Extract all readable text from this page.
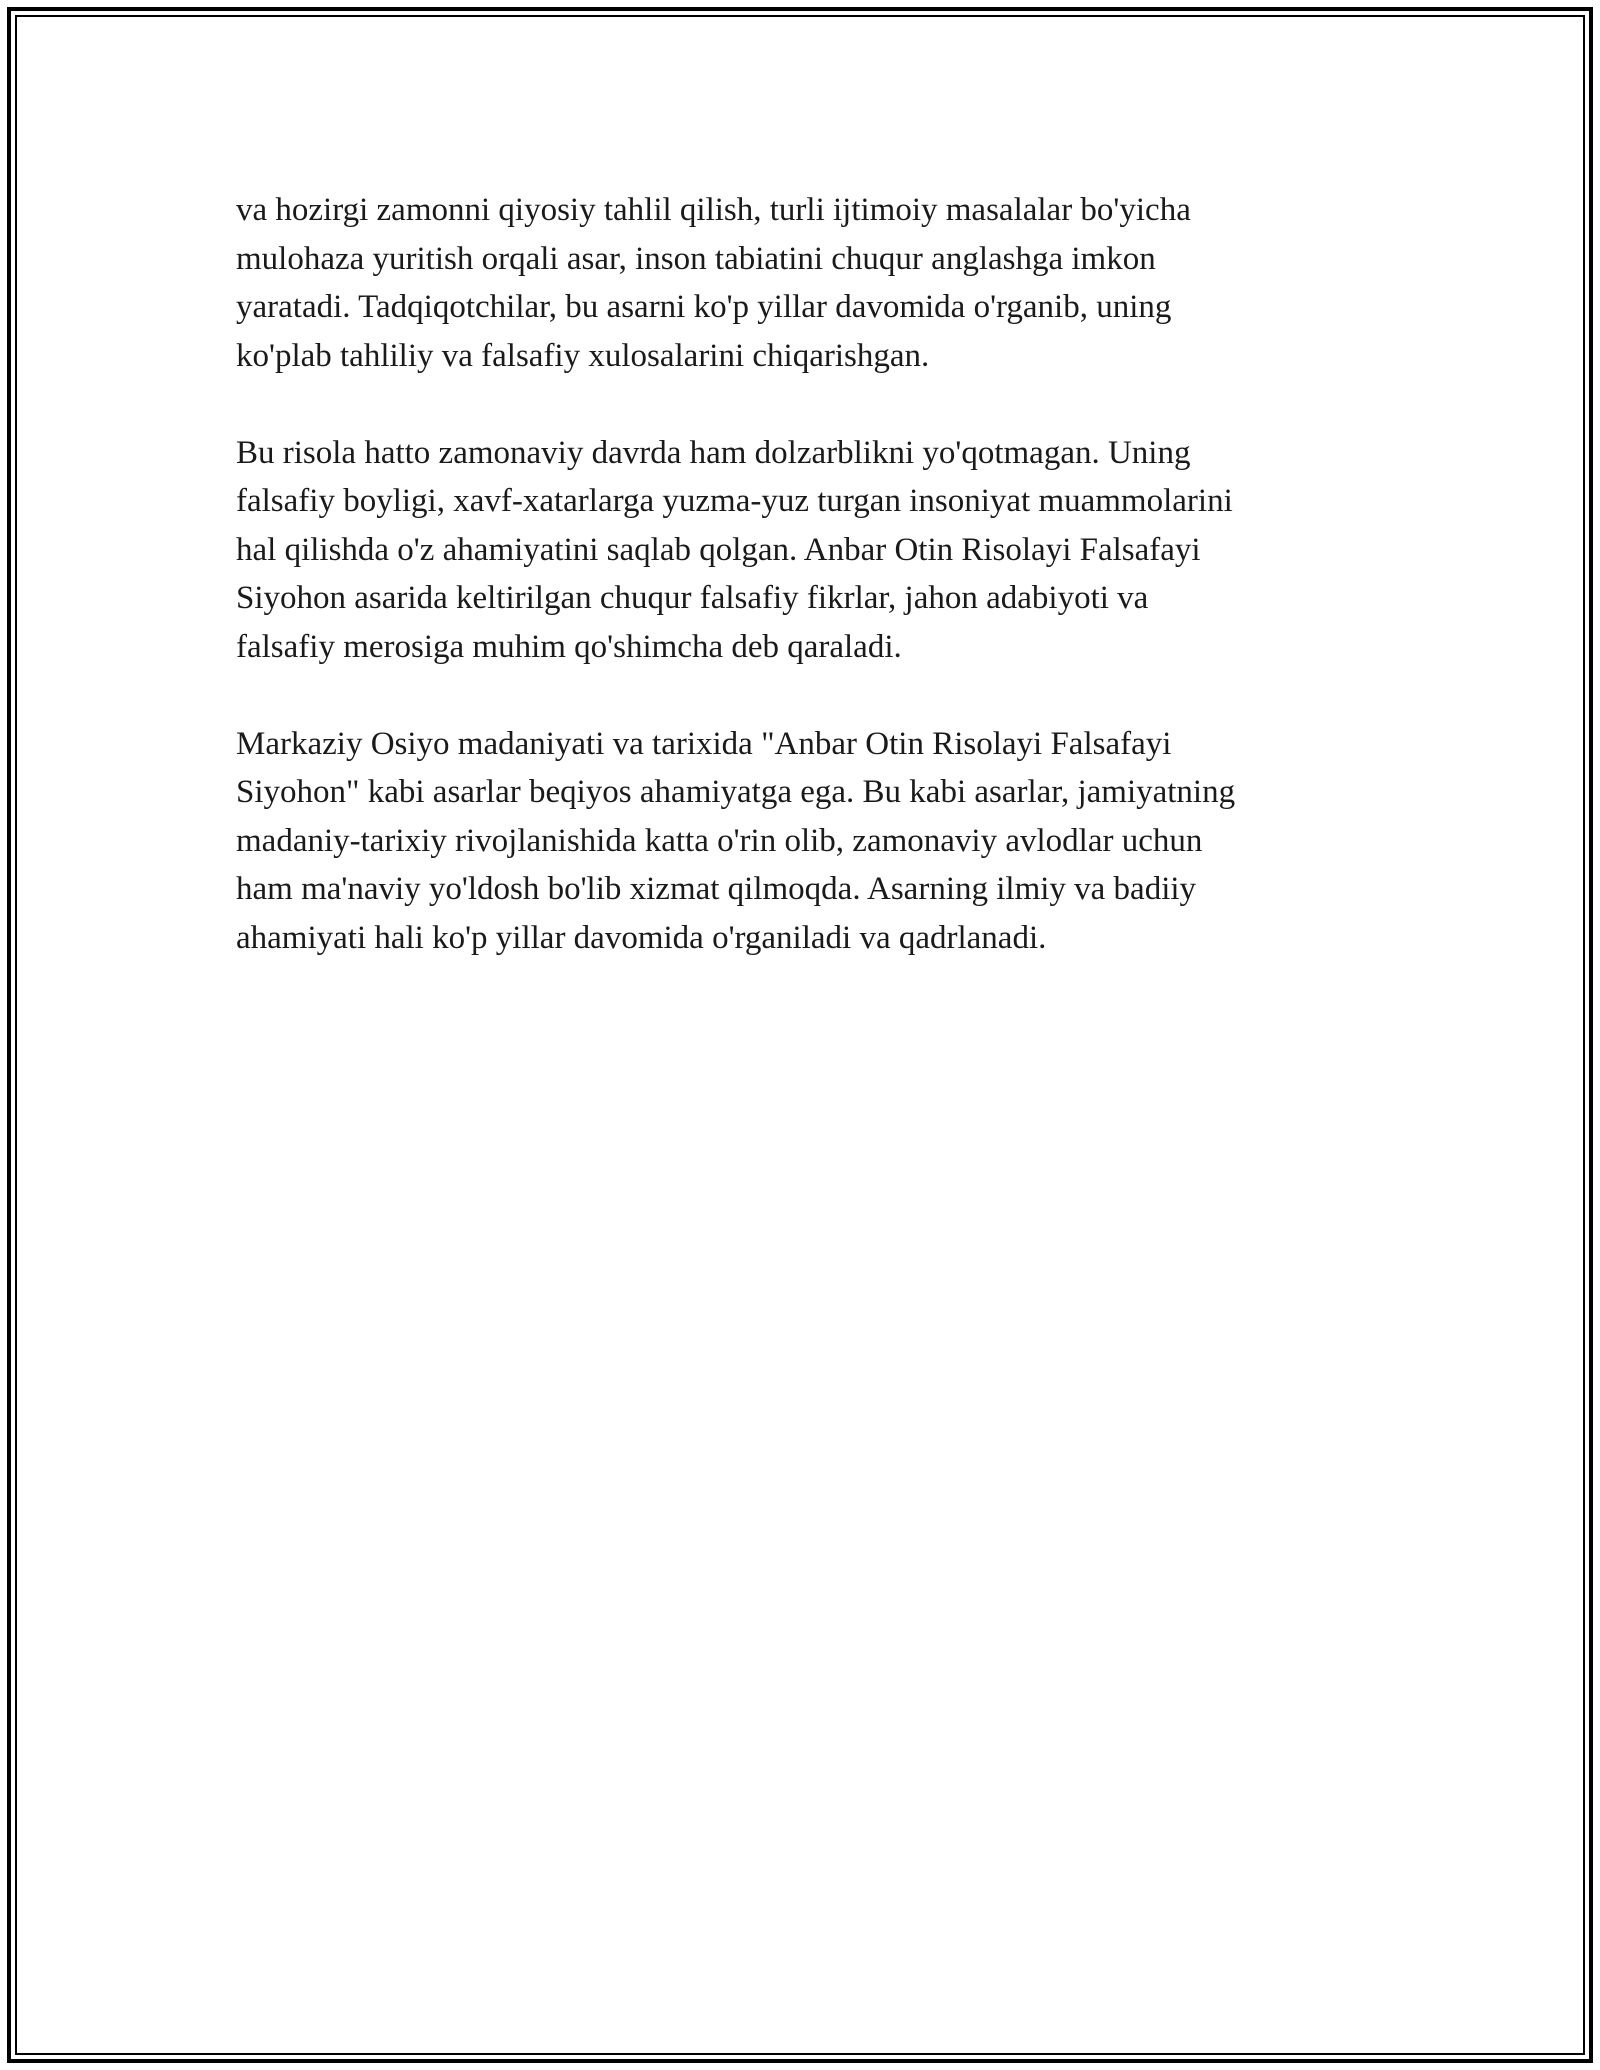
va hozirgi zamonni qiyosiy tahlil qilish, turli ijtimoiy masalalar bo'yicha
mulohaza yuritish orqali asar, inson tabiatini chuqur anglashga imkon
yaratadi. Tadqiqotchilar, bu asarni ko'p yillar davomida o'rganib, uning
ko'plab tahliliy va falsafiy xulosalarini chiqarishgan.

Bu risola hatto zamonaviy davrda ham dolzarblikni yo'qotmagan. Uning
falsafiy boyligi, xavf-xatarlarga yuzma-yuz turgan insoniyat muammolarini
hal qilishda o'z ahamiyatini saqlab qolgan. Anbar Otin Risolayi Falsafayi
Siyohon asarida keltirilgan chuqur falsafiy fikrlar, jahon adabiyoti va
falsafiy merosiga muhim qo'shimcha deb qaraladi.

Markaziy Osiyo madaniyati va tarixida "Anbar Otin Risolayi Falsafayi
Siyohon" kabi asarlar beqiyos ahamiyatga ega. Bu kabi asarlar, jamiyatning
madaniy-tarixiy rivojlanishida katta o'rin olib, zamonaviy avlodlar uchun
ham ma'naviy yo'ldosh bo'lib xizmat qilmoqda. Asarning ilmiy va badiiy
ahamiyati hali ko'p yillar davomida o'rganiladi va qadrlanadi.
